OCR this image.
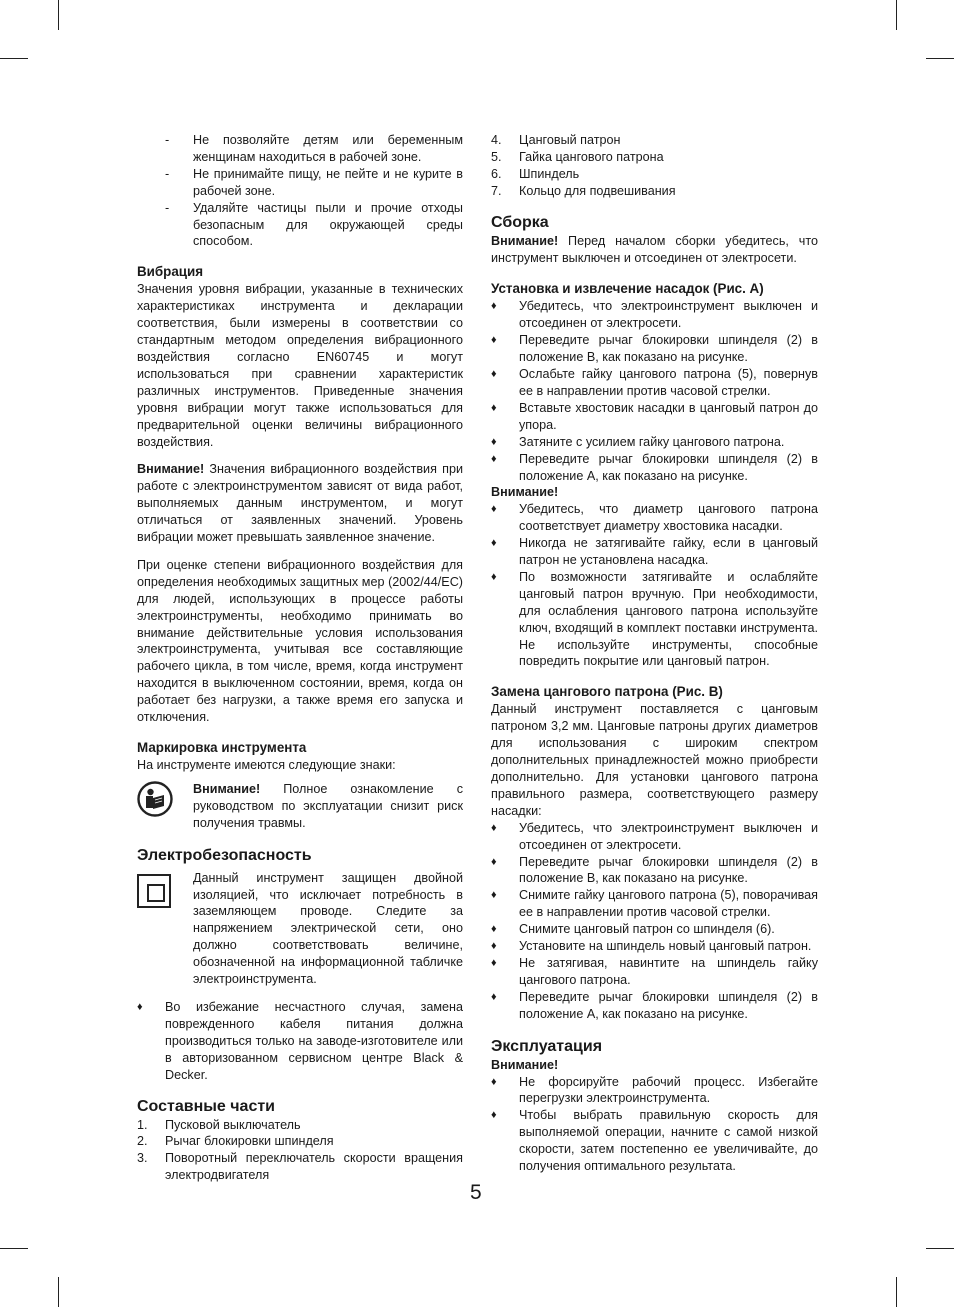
-	Не позволяйте детям или беременным женщинам находиться в рабочей зоне.
-	Не принимайте пищу, не пейте и не курите в рабочей зоне.
-	Удаляйте частицы пыли и прочие отходы безопасным для окружающей среды способом.
Вибрация

Значения уровня вибрации, указанные в технических характеристиках инструмента и декларации соответствия, были измерены в соответствии со стандартным методом определения вибрационного воздействия согласно EN60745 и могут использоваться при сравнении характеристик различных инструментов. Приведенные значения уровня вибрации могут также использоваться для предварительной оценки величины вибрационного воздействия.

Внимание! Значения вибрационного воздействия при работе с электроинструментом зависят от вида работ, выполняемых данным инструментом, и могут отличаться от заявленных значений. Уровень вибрации может превышать заявленное значение.

При оценке степени вибрационного воздействия для определения необходимых защитных мер (2002/44/EC) для людей, использующих в процессе работы электроинструменты, необходимо принимать во внимание действительные условия использования электроинструмента, учитывая все составляющие рабочего цикла, в том числе, время, когда инструмент находится в выключенном состоянии, время, когда он работает без нагрузки, а также время его запуска и отключения.

Маркировка инструмента

На инструменте имеются следующие знаки:

Внимание! Полное ознакомление с руководством по эксплуатации снизит риск получения травмы.

Электробезопасность

Данный инструмент защищен двойной изоляцией, что исключает потребность в заземляющем проводе. Следите за напряжением электрической сети, оно должно соответствовать величине, обозначенной на информационной табличке электроинструмента.

♦	Во избежание несчастного случая, замена поврежденного кабеля питания должна производиться только на заводе-изготовителе или в авторизованном сервисном центре Black & Decker.
Составные части
1.	Пусковой выключатель
2.	Рычаг блокировки шпинделя
3.	Поворотный переключатель скорости вращения электродвигателя
4.	Цанговый патрон
5.	Гайка цангового патрона
6.	Шпиндель
7.	Кольцо для подвешивания
Сборка

Внимание! Перед началом сборки убедитесь, что инструмент выключен и отсоединен от электросети.

Установка и извлечение насадок (Рис. А)
♦	Убедитесь, что электроинструмент выключен и отсоединен от электросети.
♦	Переведите рычаг блокировки шпинделя (2) в положение B, как показано на рисунке.
♦	Ослабьте гайку цангового патрона (5), повернув ее в направлении против часовой стрелки.
♦	Вставьте хвостовик насадки в цанговый патрон до упора.
♦	Затяните с усилием гайку цангового патрона.
♦	Переведите рычаг блокировки шпинделя (2) в положение А, как показано на рисунке.
Внимание!
♦	Убедитесь, что диаметр цангового патрона соответствует диаметру хвостовика насадки.
♦	Никогда не затягивайте гайку, если в цанговый патрон не установлена насадка.
♦	По возможности затягивайте и ослабляйте цанговый патрон вручную. При необходимости, для ослабления цангового патрона используйте ключ, входящий в комплект поставки инструмента. Не используйте инструменты, способные повредить покрытие или цанговый патрон.
Замена цангового патрона (Рис. В)

Данный инструмент поставляется с цанговым патроном 3,2 мм. Цанговые патроны других диаметров для использования с широким спектром дополнительных принадлежностей можно приобрести дополнительно. Для установки цангового патрона правильного размера, соответствующего размеру насадки:

♦	Убедитесь, что электроинструмент выключен и отсоединен от электросети.
♦	Переведите рычаг блокировки шпинделя (2) в положение В, как показано на рисунке.
♦	Снимите гайку цангового патрона (5), поворачивая ее в направлении против часовой стрелки.
♦	Снимите цанговый патрон со шпинделя (6).
♦	Установите на шпиндель новый цанговый патрон.
♦	Не затягивая, навинтите на шпиндель гайку цангового патрона.
♦	Переведите рычаг блокировки шпинделя (2) в положение А, как показано на рисунке.
Эксплуатация
Внимание!
♦	Не форсируйте рабочий процесс. Избегайте перегрузки электроинструмента.
♦	Чтобы выбрать правильную скорость для выполняемой операции, начните с самой низкой скорости, затем постепенно ее увеличивайте, до получения оптимального результата.
5
